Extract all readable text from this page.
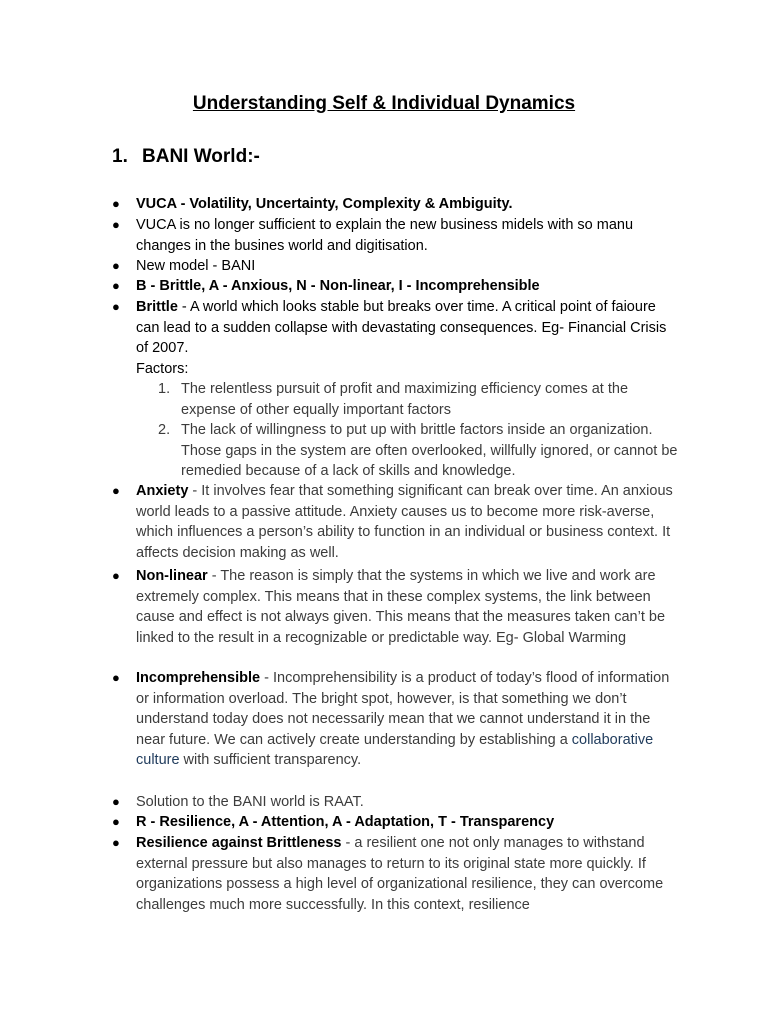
Understanding Self & Individual Dynamics
1. BANI World:-
●	VUCA - Volatility, Uncertainty, Complexity & Ambiguity.
●	VUCA is no longer sufficient to explain the new business midels with so manu changes in the busines world and digitisation.
●	New model - BANI
●	B - Brittle, A - Anxious, N - Non-linear, I - Incomprehensible
●	Brittle - A world which looks stable but breaks over time. A critical point of faioure can lead to a sudden collapse with devastating consequences. Eg- Financial Crisis of 2007.
Factors:
1. The relentless pursuit of profit and maximizing efficiency comes at the expense of other equally important factors
2. The lack of willingness to put up with brittle factors inside an organization. Those gaps in the system are often overlooked, willfully ignored, or cannot be remedied because of a lack of skills and knowledge.
●	Anxiety - It involves fear that something significant can break over time. An anxious world leads to a passive attitude. Anxiety causes us to become more risk-averse, which influences a person’s ability to function in an individual or business context. It affects decision making as well.
●	Non-linear - The reason is simply that the systems in which we live and work are extremely complex. This means that in these complex systems, the link between cause and effect is not always given. This means that the measures taken can’t be linked to the result in a recognizable or predictable way. Eg- Global Warming
●	Incomprehensible - Incomprehensibility is a product of today’s flood of information or information overload. The bright spot, however, is that something we don’t understand today does not necessarily mean that we cannot understand it in the near future. We can actively create understanding by establishing a collaborative culture with sufficient transparency.
●	Solution to the BANI world is RAAT.
●	R - Resilience, A - Attention, A - Adaptation, T - Transparency
●	Resilience against Brittleness - a resilient one not only manages to withstand external pressure but also manages to return to its original state more quickly. If organizations possess a high level of organizational resilience, they can overcome challenges much more successfully. In this context, resilience
